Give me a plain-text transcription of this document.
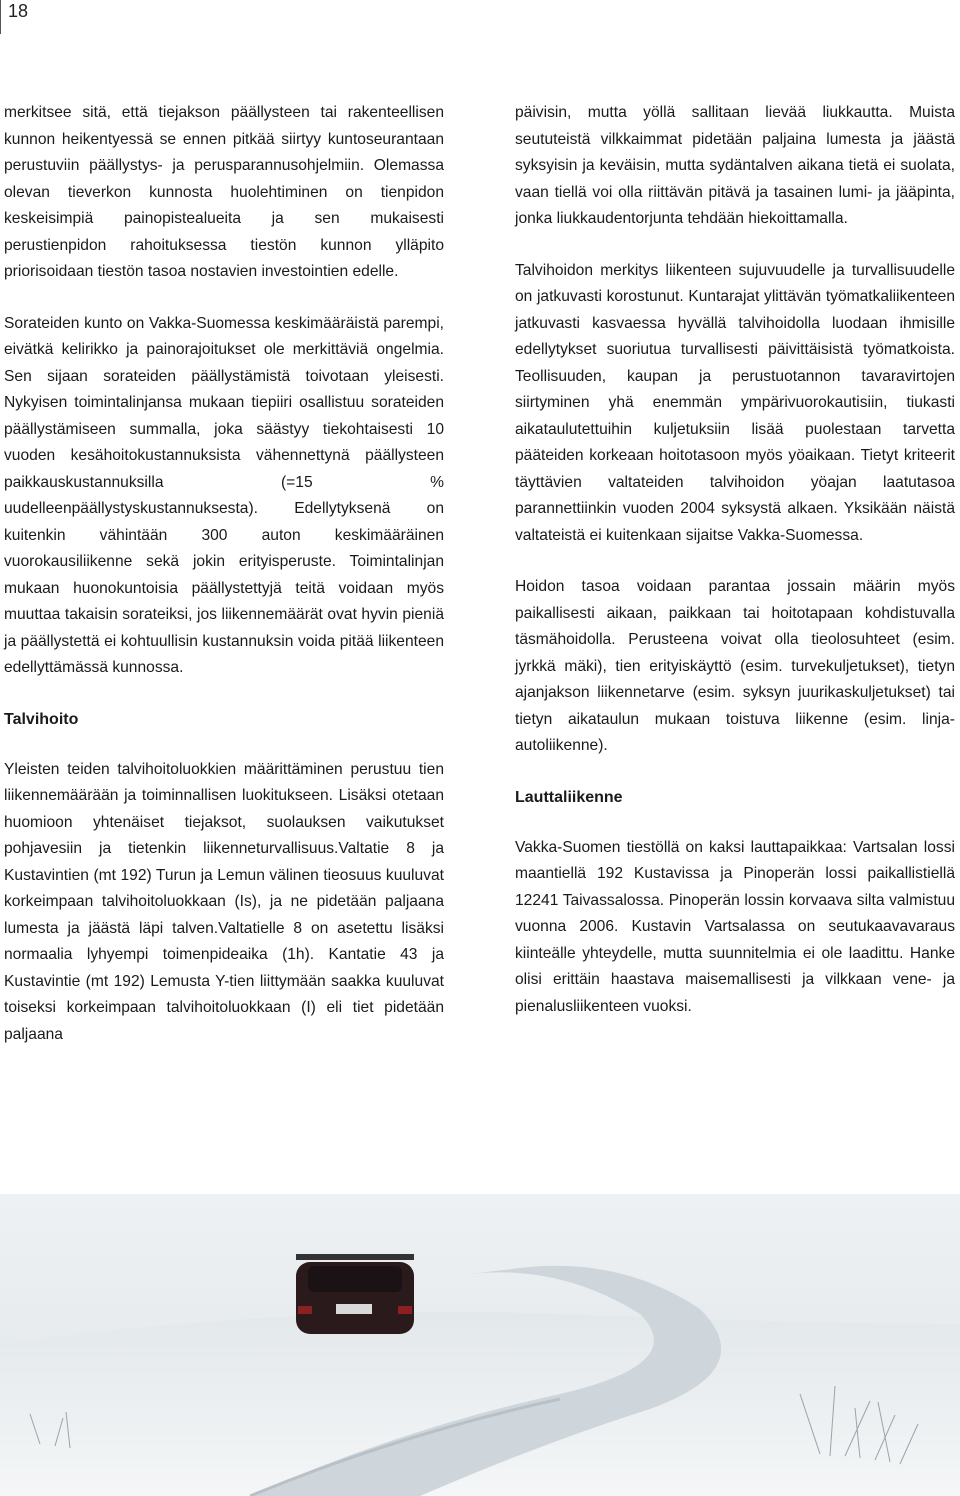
18

merkitsee sitä, että tiejakson päällysteen tai rakenteellisen kunnon heikentyessä se ennen pitkää siirtyy kuntoseurantaan perustuviin päällystys- ja perusparannusohjelmiin. Olemassa olevan tieverkon kunnosta huolehtiminen on tienpidon keskeisimpiä painopistealueita ja sen mukaisesti perustienpidon rahoituksessa tiestön kunnon ylläpito priorisoidaan tiestön tasoa nostavien investointien edelle.

Sorateiden kunto on Vakka-Suomessa keskimääräistä parempi, eivätkä kelirikko ja painorajoitukset ole merkittäviä ongelmia. Sen sijaan sorateiden päällystämistä toivotaan yleisesti. Nykyisen toimintalinjansa mukaan tiepiiri osallistuu sorateiden päällystämiseen summalla, joka säästyy tiekohtaisesti 10 vuoden kesähoitokustannuksista vähennettynä päällysteen paikkauskustannuksilla (=15 % uudelleenpäällystyskustannuksesta). Edellytyksenä on kuitenkin vähintään 300 auton keskimääräinen vuorokausiliikenne sekä jokin erityisperuste. Toimintalinjan mukaan huonokuntoisia päällystettyjä teitä voidaan myös muuttaa takaisin sorateiksi, jos liikennemäärät ovat hyvin pieniä ja päällystettä ei kohtuullisin kustannuksin voida pitää liikenteen edellyttämässä kunnossa.

Talvihoito

Yleisten teiden talvihoitoluokkien määrittäminen perustuu tien liikennemäärään ja toiminnallisen luokitukseen. Lisäksi otetaan huomioon yhtenäiset tiejaksot, suolauksen vaikutukset pohjavesiin ja tietenkin liikenneturvallisuus.Valtatie 8 ja Kustavintien (mt 192) Turun ja Lemun välinen tieosuus kuuluvat korkeimpaan talvihoitoluokkaan (Is), ja ne pidetään paljaana lumesta ja jäästä läpi talven.Valtatielle 8 on asetettu lisäksi normaalia lyhyempi toimenpideaika (1h). Kantatie 43 ja Kustavintie (mt 192) Lemusta Y-tien liittymään saakka kuuluvat toiseksi korkeimpaan talvihoitoluokkaan (I) eli tiet pidetään paljaana

päivisin, mutta yöllä sallitaan lievää liukkautta. Muista seututeistä vilkkaimmat pidetään paljaina lumesta ja jäästä syksyisin ja keväisin, mutta sydäntalven aikana tietä ei suolata, vaan tiellä voi olla riittävän pitävä ja tasainen lumi- ja jääpinta, jonka liukkaudentorjunta tehdään hiekoittamalla.

Talvihoidon merkitys liikenteen sujuvuudelle ja turvallisuudelle on jatkuvasti korostunut. Kuntarajat ylittävän työmatkaliikenteen jatkuvasti kasvaessa hyvällä talvihoidolla luodaan ihmisille edellytykset suoriutua turvallisesti päivittäisistä työmatkoista. Teollisuuden, kaupan ja perustuotannon tavaravirtojen siirtyminen yhä enemmän ympärivuorokautisiin, tiukasti aikataulutettuihin kuljetuksiin lisää puolestaan tarvetta pääteiden korkeaan hoitotasoon myös yöaikaan. Tietyt kriteerit täyttävien valtateiden talvihoidon yöajan laatutasoa parannettiinkin vuoden 2004 syksystä alkaen. Yksikään näistä valtateistä ei kuitenkaan sijaitse Vakka-Suomessa.

Hoidon tasoa voidaan parantaa jossain määrin myös paikallisesti aikaan, paikkaan tai hoitotapaan kohdistuvalla täsmähoidolla. Perusteena voivat olla tieolosuhteet (esim. jyrkkä mäki), tien erityiskäyttö (esim. turvekuljetukset), tietyn ajanjakson liikennetarve (esim. syksyn juurikaskuljetukset) tai tietyn aikataulun mukaan toistuva liikenne (esim. linja-autoliikenne).

Lauttaliikenne

Vakka-Suomen tiestöllä on kaksi lauttapaikkaa: Vartsalan lossi maantiellä 192 Kustavissa ja Pinoperän lossi paikallistiellä 12241 Taivassalossa. Pinoperän lossin korvaava silta valmistuu vuonna 2006. Kustavin Vartsalassa on seutukaavavaraus kiinteälle yhteydelle, mutta suunnitelmia ei ole laadittu. Hanke olisi erittäin haastava maisemallisesti ja vilkkaan vene- ja pienalusliikenteen vuoksi.
